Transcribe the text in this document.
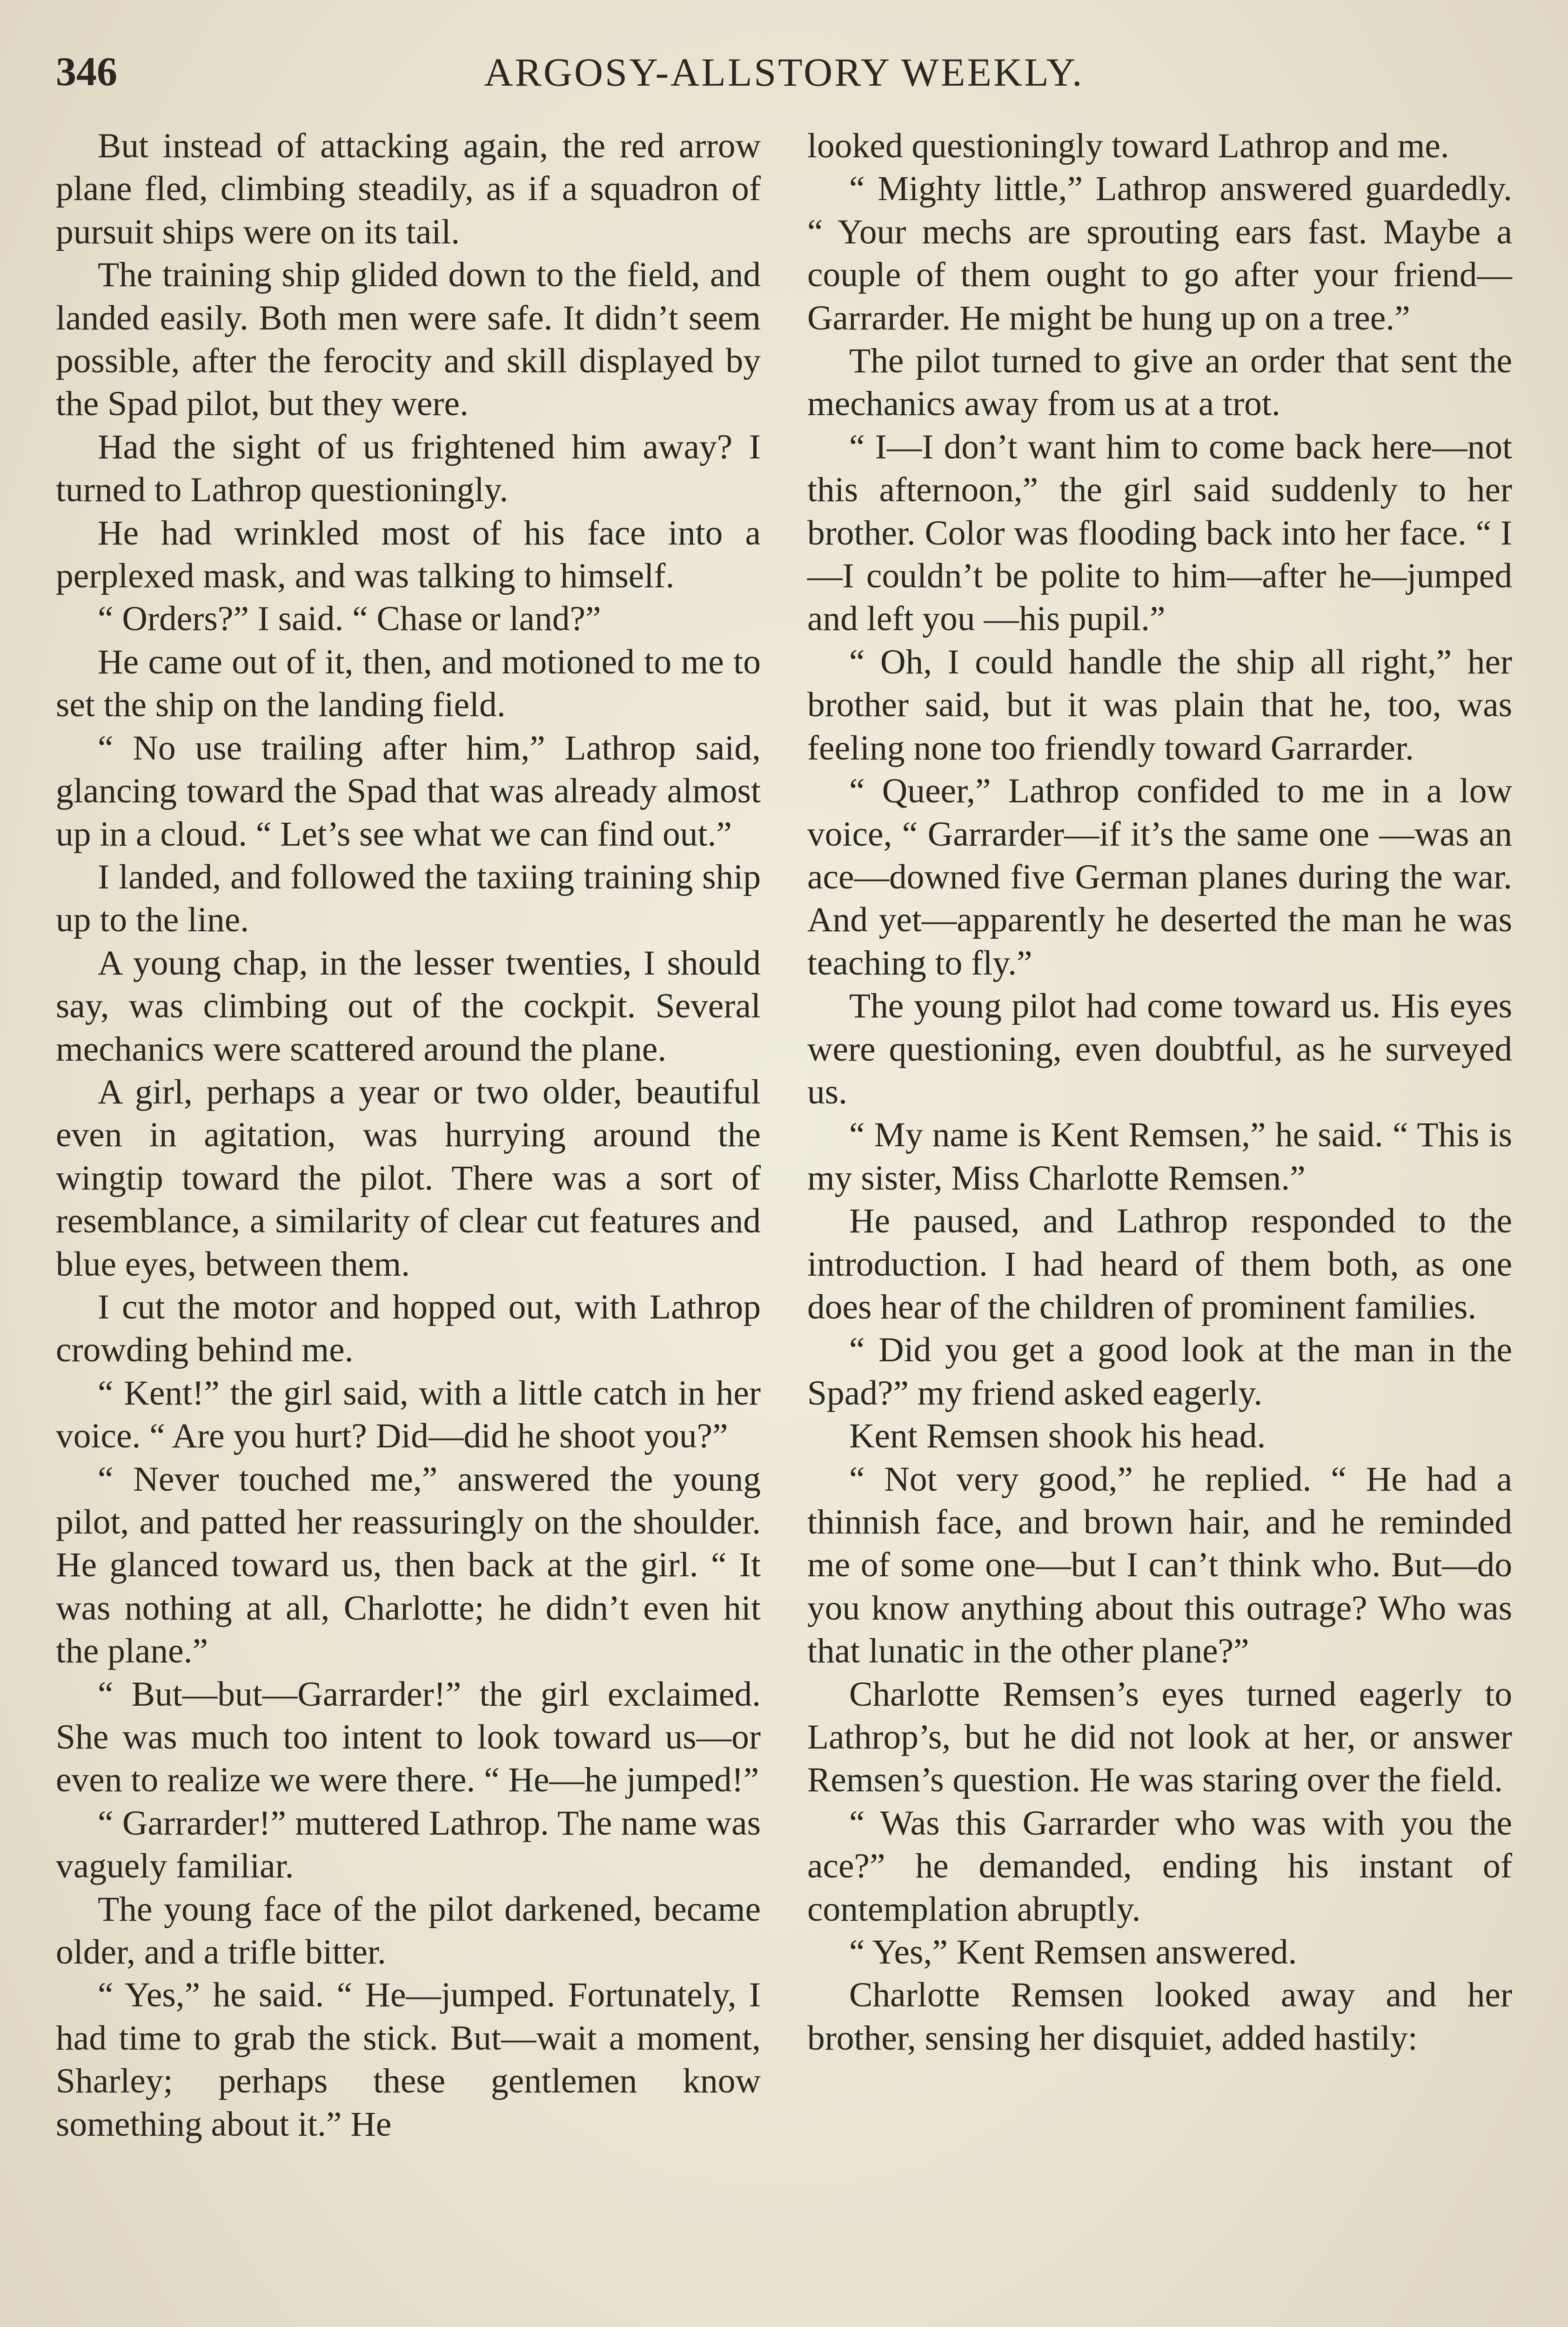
346	ARGOSY-ALLSTORY WEEKLY.

But instead of attacking again, the red arrow plane fled, climbing steadily, as if a squadron of pursuit ships were on its tail.

The training ship glided down to the field, and landed easily. Both men were safe. It didn’t seem possible, after the ferocity and skill displayed by the Spad pilot, but they were.

Had the sight of us frightened him away? I turned to Lathrop questioningly.

He had wrinkled most of his face into a perplexed mask, and was talking to himself.

“ Orders?” I said. “ Chase or land?”

He came out of it, then, and motioned to me to set the ship on the landing field.

“ No use trailing after him,” Lathrop said, glancing toward the Spad that was already almost up in a cloud. “ Let’s see what we can find out.”

I landed, and followed the taxiing training ship up to the line.

A young chap, in the lesser twenties, I should say, was climbing out of the cockpit. Several mechanics were scattered around the plane.

A girl, perhaps a year or two older, beautiful even in agitation, was hurrying around the wingtip toward the pilot. There was a sort of resemblance, a similarity of clear cut features and blue eyes, between them.

I cut the motor and hopped out, with Lathrop crowding behind me.

“ Kent!” the girl said, with a little catch in her voice. “ Are you hurt? Did—did he shoot you?”

“ Never touched me,” answered the young pilot, and patted her reassuringly on the shoulder. He glanced toward us, then back at the girl. “ It was nothing at all, Charlotte; he didn’t even hit the plane.”

“ But—but—Garrarder!” the girl exclaimed. She was much too intent to look toward us—or even to realize we were there. “ He—he jumped!”

“ Garrarder!” muttered Lathrop. The name was vaguely familiar.

The young face of the pilot darkened, became older, and a trifle bitter.

“ Yes,” he said. “ He—jumped. Fortunately, I had time to grab the stick. But—wait a moment, Sharley; perhaps these gentlemen know something about it.” He

looked questioningly toward Lathrop and me.

“ Mighty little,” Lathrop answered guardedly. “ Your mechs are sprouting ears fast. Maybe a couple of them ought to go after your friend—Garrarder. He might be hung up on a tree.”

The pilot turned to give an order that sent the mechanics away from us at a trot.

“ I—I don’t want him to come back here—not this afternoon,” the girl said suddenly to her brother. Color was flooding back into her face. “ I—I couldn’t be polite to him—after he—jumped and left you —his pupil.”

“ Oh, I could handle the ship all right,” her brother said, but it was plain that he, too, was feeling none too friendly toward Garrarder.

“ Queer,” Lathrop confided to me in a low voice, “ Garrarder—if it’s the same one —was an ace—downed five German planes during the war. And yet—apparently he deserted the man he was teaching to fly.”

The young pilot had come toward us. His eyes were questioning, even doubtful, as he surveyed us.

“ My name is Kent Remsen,” he said. “ This is my sister, Miss Charlotte Remsen.”

He paused, and Lathrop responded to the introduction. I had heard of them both, as one does hear of the children of prominent families.

“ Did you get a good look at the man in the Spad?” my friend asked eagerly.

Kent Remsen shook his head.

“ Not very good,” he replied. “ He had a thinnish face, and brown hair, and he reminded me of some one—but I can’t think who. But—do you know anything about this outrage? Who was that lunatic in the other plane?”

Charlotte Remsen’s eyes turned eagerly to Lathrop’s, but he did not look at her, or answer Remsen’s question. He was staring over the field.

“ Was this Garrarder who was with you the ace?” he demanded, ending his instant of contemplation abruptly.

“ Yes,” Kent Remsen answered.

Charlotte Remsen looked away and her brother, sensing her disquiet, added hastily:
